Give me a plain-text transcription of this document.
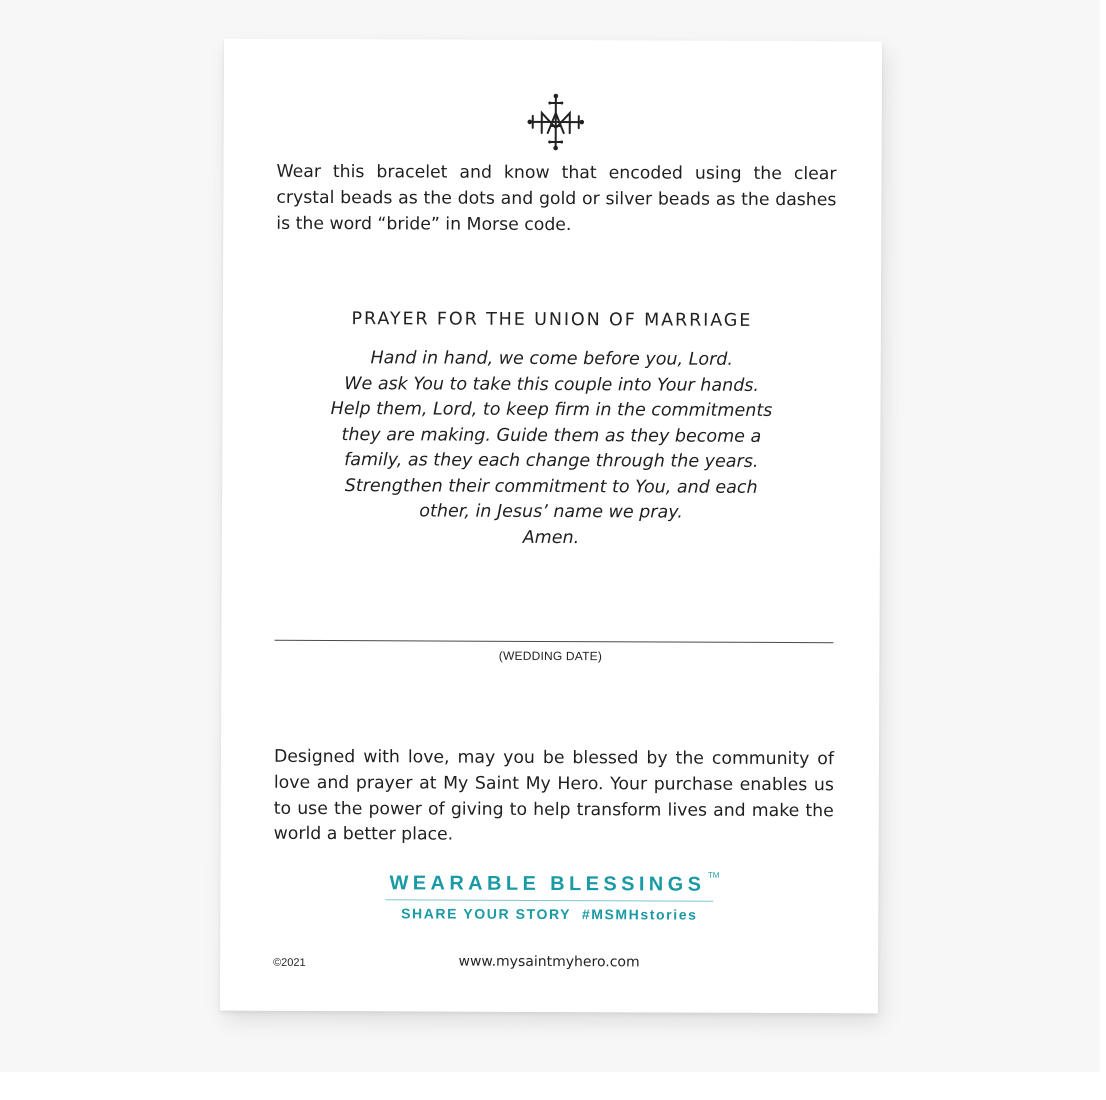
Wear this bracelet and know that encoded using the clear crystal beads as the dots and gold or silver beads as the dashes is the word “bride” in Morse code.

PRAYER FOR THE UNION OF MARRIAGE
Hand in hand, we come before you, Lord.
We ask You to take this couple into Your hands.
Help them, Lord, to keep firm in the commitments
they are making. Guide them as they become a
family, as they each change through the years.
Strengthen their commitment to You, and each
other, in Jesus’ name we pray.
Amen.
(WEDDING DATE)

Designed with love, may you be blessed by the community of love and prayer at My Saint My Hero. Your purchase enables us to use the power of giving to help transform lives and make the world a better place.

WEARABLE BLESSINGS TM
SHARE YOUR STORY  #MSMHstories
©2021	www.mysaintmyhero.com
